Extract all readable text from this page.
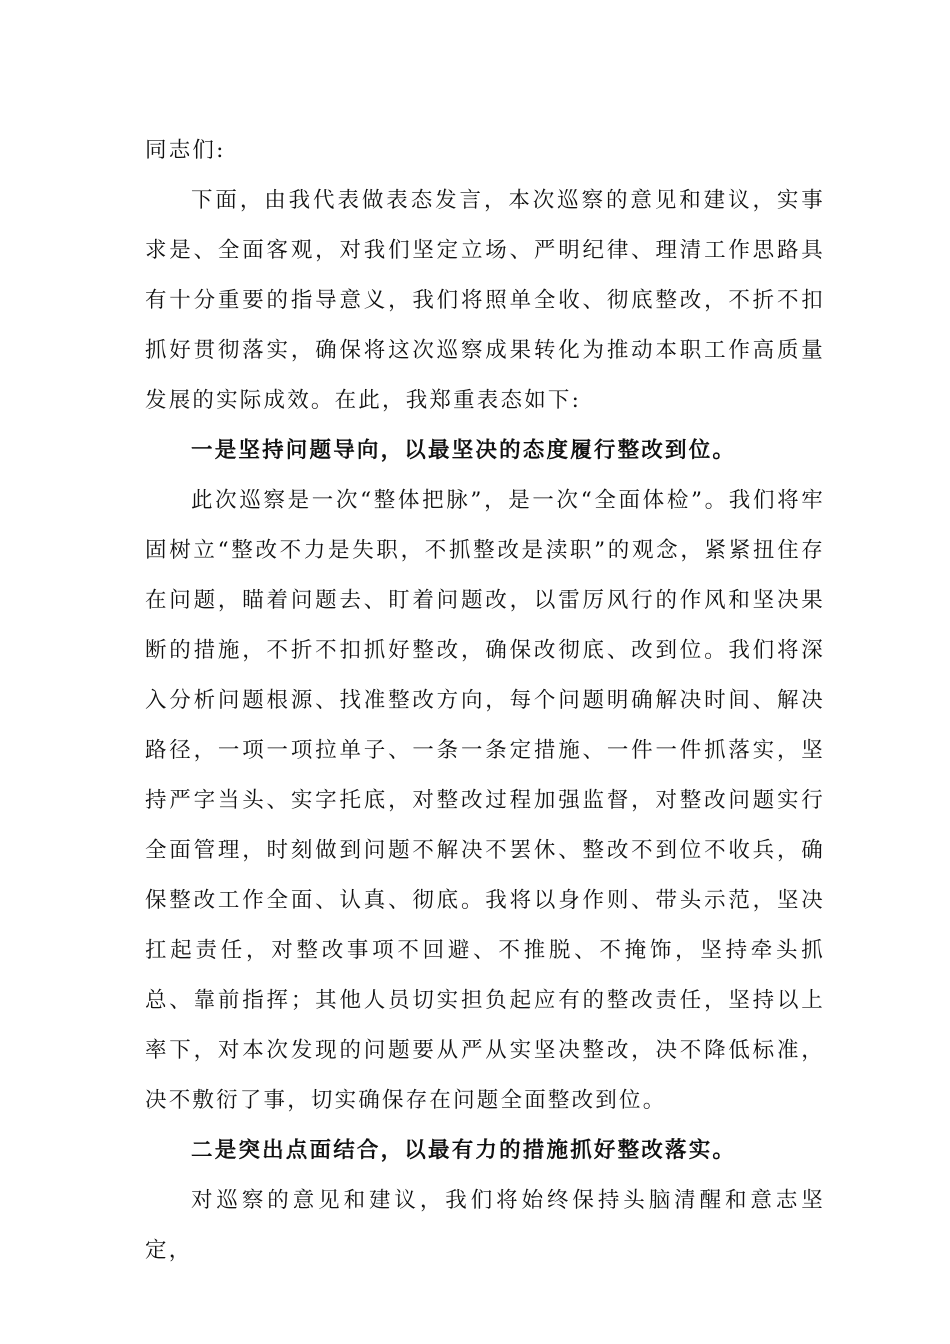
同志们:

下面，由我代表做表态发言，本次巡察的意见和建议，实事求是、全面客观，对我们坚定立场、严明纪律、理清工作思路具有十分重要的指导意义，我们将照单全收、彻底整改，不折不扣抓好贯彻落实，确保将这次巡察成果转化为推动本职工作高质量发展的实际成效。在此，我郑重表态如下:

一是坚持问题导向，以最坚决的态度履行整改到位。

此次巡察是一次“整体把脉”，是一次“全面体检”。我们将牢固树立“整改不力是失职，不抓整改是渎职”的观念，紧紧扭住存在问题，瞄着问题去、盯着问题改，以雷厉风行的作风和坚决果断的措施，不折不扣抓好整改，确保改彻底、改到位。我们将深入分析问题根源、找准整改方向，每个问题明确解决时间、解决路径，一项一项拉单子、一条一条定措施、一件一件抓落实，坚持严字当头、实字托底，对整改过程加强监督，对整改问题实行全面管理，时刻做到问题不解决不罢休、整改不到位不收兵，确保整改工作全面、认真、彻底。我将以身作则、带头示范，坚决扛起责任，对整改事项不回避、不推脱、不掩饰，坚持牵头抓总、靠前指挥；其他人员切实担负起应有的整改责任，坚持以上率下，对本次发现的问题要从严从实坚决整改，决不降低标准，决不敷衍了事，切实确保存在问题全面整改到位。

二是突出点面结合，以最有力的措施抓好整改落实。

对巡察的意见和建议，我们将始终保持头脑清醒和意志坚定，
